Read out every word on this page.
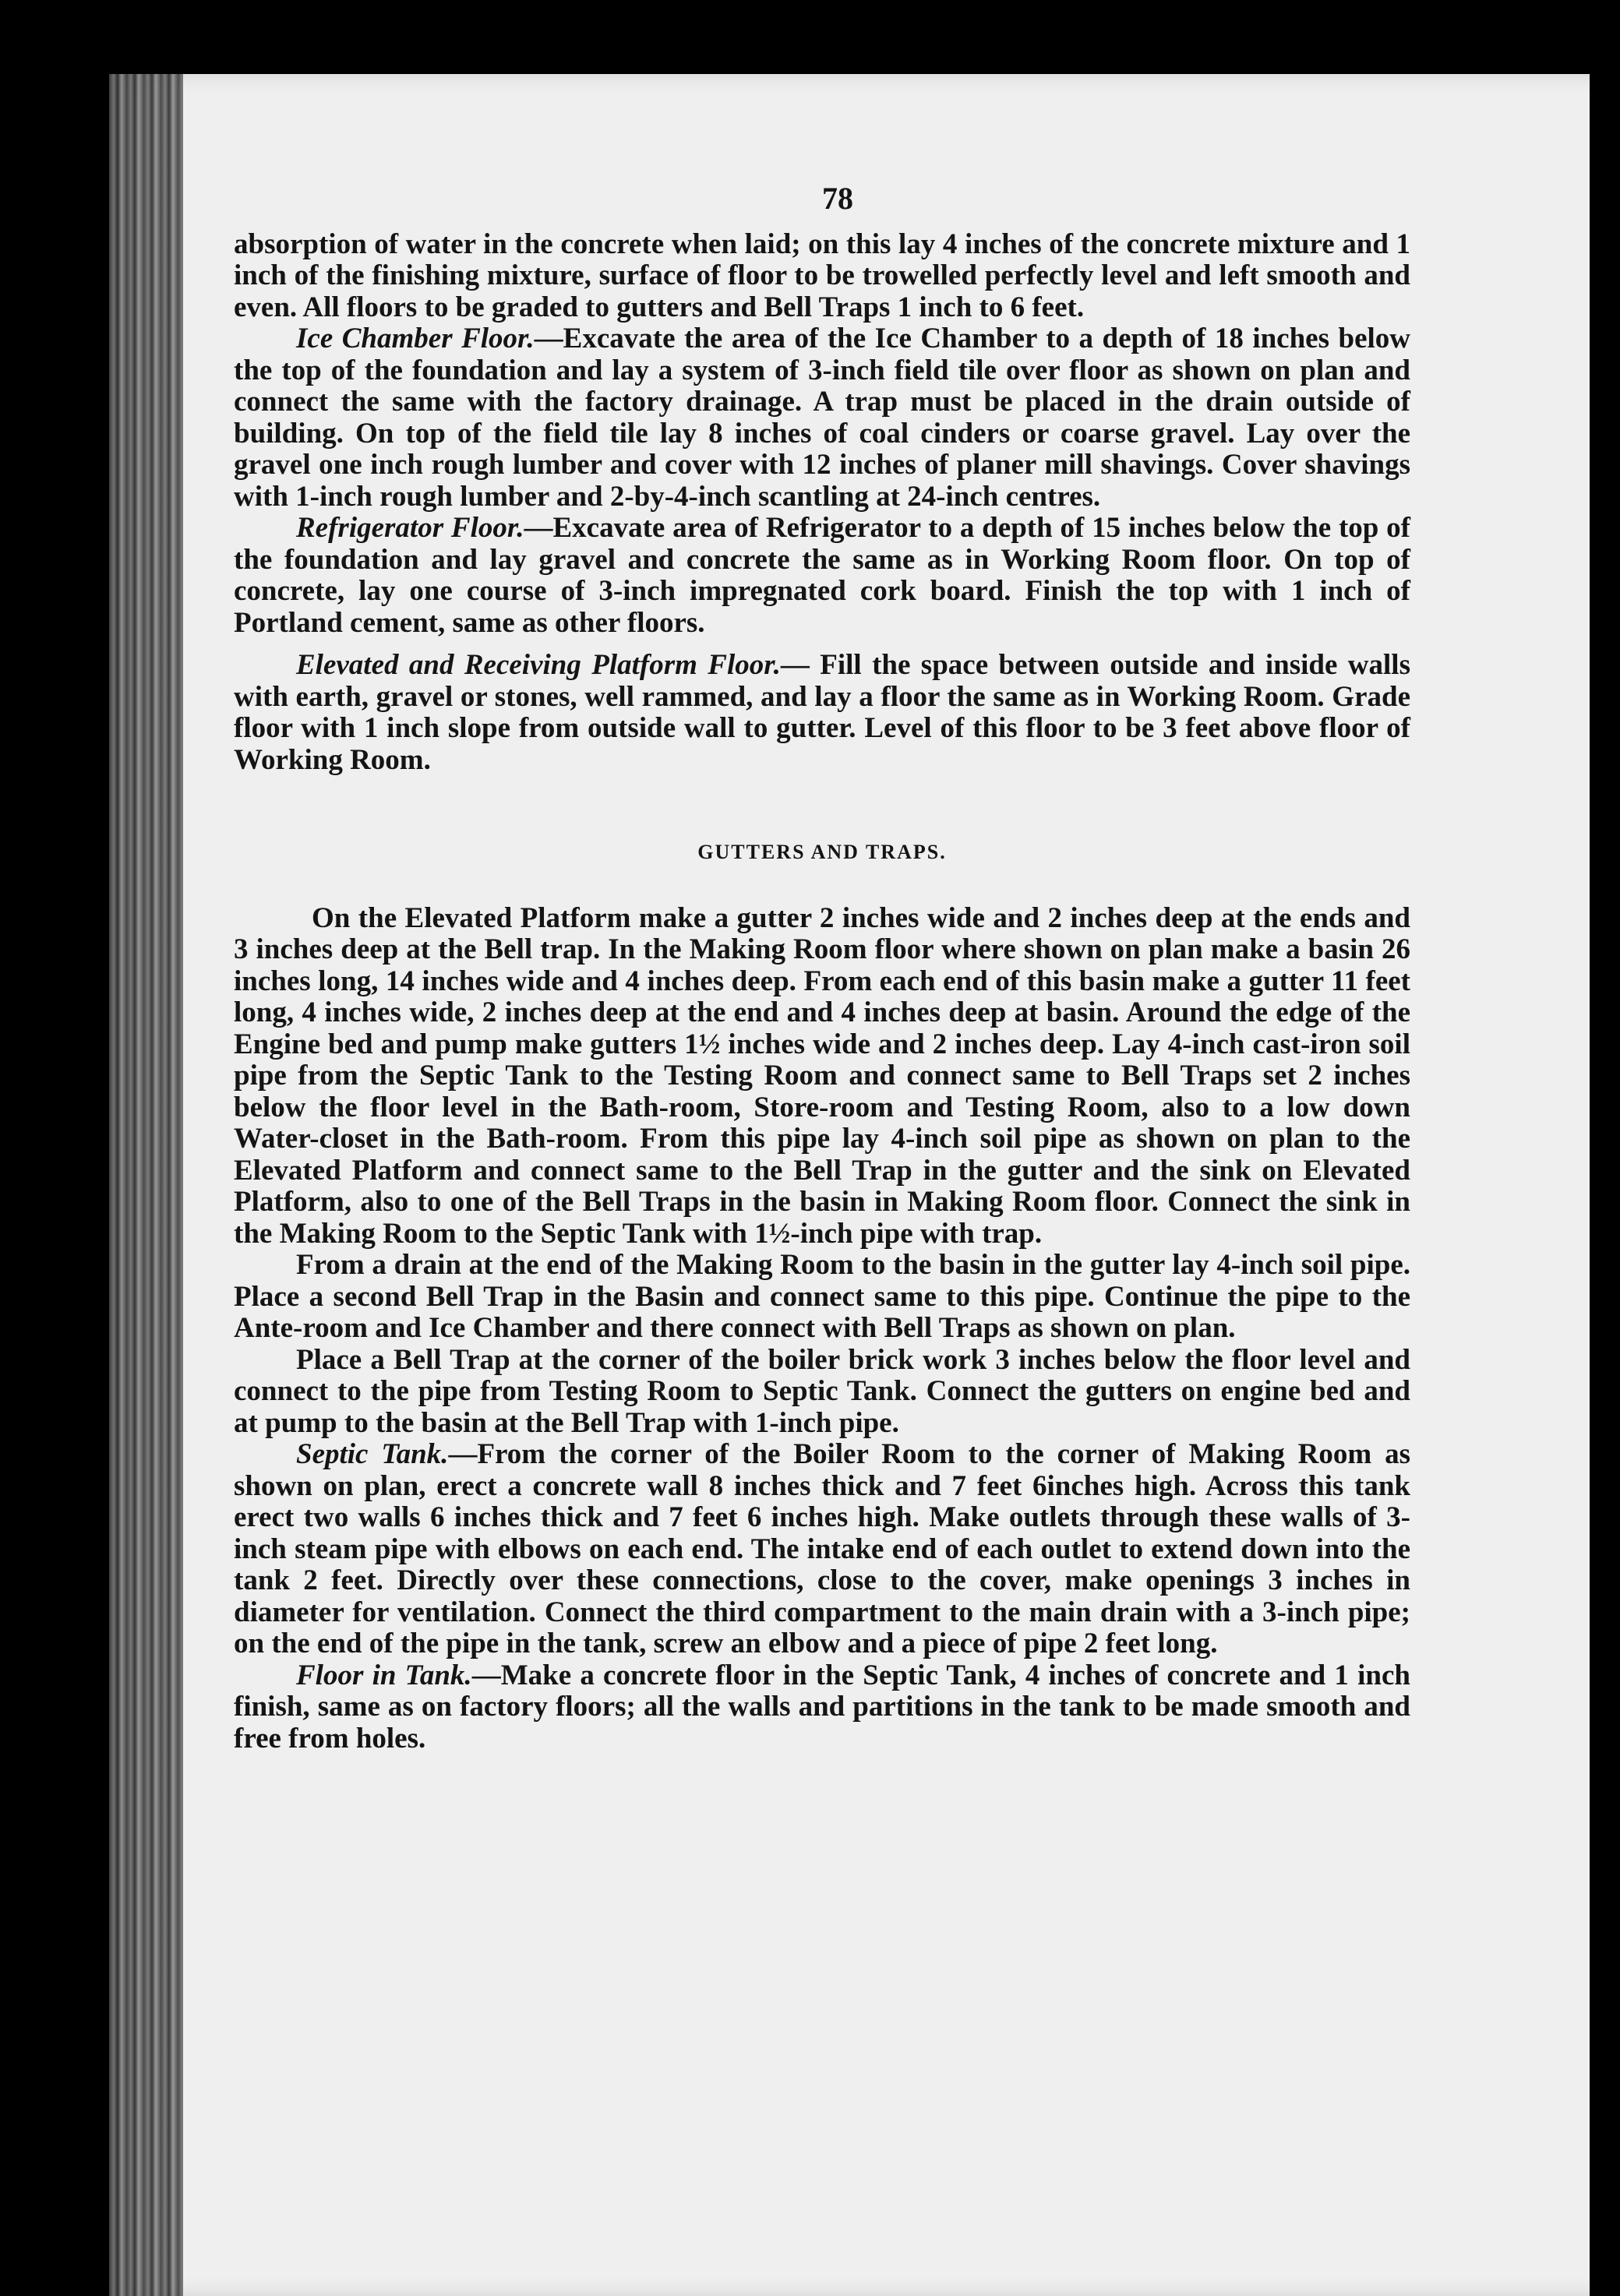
78

absorption of water in the concrete when laid; on this lay 4 inches of the concrete mixture and 1 inch of the finishing mixture, surface of floor to be trowelled perfectly level and left smooth and even. All floors to be graded to gutters and Bell Traps 1 inch to 6 feet.

Ice Chamber Floor.—Excavate the area of the Ice Chamber to a depth of 18 inches below the top of the foundation and lay a system of 3-inch field tile over floor as shown on plan and connect the same with the factory drainage. A trap must be placed in the drain outside of building. On top of the field tile lay 8 inches of coal cinders or coarse gravel. Lay over the gravel one inch rough lumber and cover with 12 inches of planer mill shavings. Cover shavings with 1-inch rough lumber and 2-by-4-inch scantling at 24-inch centres.

Refrigerator Floor.—Excavate area of Refrigerator to a depth of 15 inches below the top of the foundation and lay gravel and concrete the same as in Working Room floor. On top of concrete, lay one course of 3-inch impregnated cork board. Finish the top with 1 inch of Portland cement, same as other floors.

Elevated and Receiving Platform Floor.— Fill the space between outside and inside walls with earth, gravel or stones, well rammed, and lay a floor the same as in Working Room. Grade floor with 1 inch slope from outside wall to gutter. Level of this floor to be 3 feet above floor of Working Room.

GUTTERS AND TRAPS.

On the Elevated Platform make a gutter 2 inches wide and 2 inches deep at the ends and 3 inches deep at the Bell trap. In the Making Room floor where shown on plan make a basin 26 inches long, 14 inches wide and 4 inches deep. From each end of this basin make a gutter 11 feet long, 4 inches wide, 2 inches deep at the end and 4 inches deep at basin. Around the edge of the Engine bed and pump make gutters 1½ inches wide and 2 inches deep. Lay 4-inch cast-iron soil pipe from the Septic Tank to the Testing Room and connect same to Bell Traps set 2 inches below the floor level in the Bath-room, Store-room and Testing Room, also to a low down Water-closet in the Bath-room. From this pipe lay 4-inch soil pipe as shown on plan to the Elevated Platform and connect same to the Bell Trap in the gutter and the sink on Elevated Platform, also to one of the Bell Traps in the basin in Making Room floor. Connect the sink in the Making Room to the Septic Tank with 1½-inch pipe with trap.

From a drain at the end of the Making Room to the basin in the gutter lay 4-inch soil pipe. Place a second Bell Trap in the Basin and connect same to this pipe. Continue the pipe to the Ante-room and Ice Chamber and there connect with Bell Traps as shown on plan.

Place a Bell Trap at the corner of the boiler brick work 3 inches below the floor level and connect to the pipe from Testing Room to Septic Tank. Connect the gutters on engine bed and at pump to the basin at the Bell Trap with 1-inch pipe.

Septic Tank.—From the corner of the Boiler Room to the corner of Making Room as shown on plan, erect a concrete wall 8 inches thick and 7 feet 6inches high. Across this tank erect two walls 6 inches thick and 7 feet 6 inches high. Make outlets through these walls of 3-inch steam pipe with elbows on each end. The intake end of each outlet to extend down into the tank 2 feet. Directly over these connections, close to the cover, make openings 3 inches in diameter for ventilation. Connect the third compartment to the main drain with a 3-inch pipe; on the end of the pipe in the tank, screw an elbow and a piece of pipe 2 feet long.

Floor in Tank.—Make a concrete floor in the Septic Tank, 4 inches of concrete and 1 inch finish, same as on factory floors; all the walls and partitions in the tank to be made smooth and free from holes.
